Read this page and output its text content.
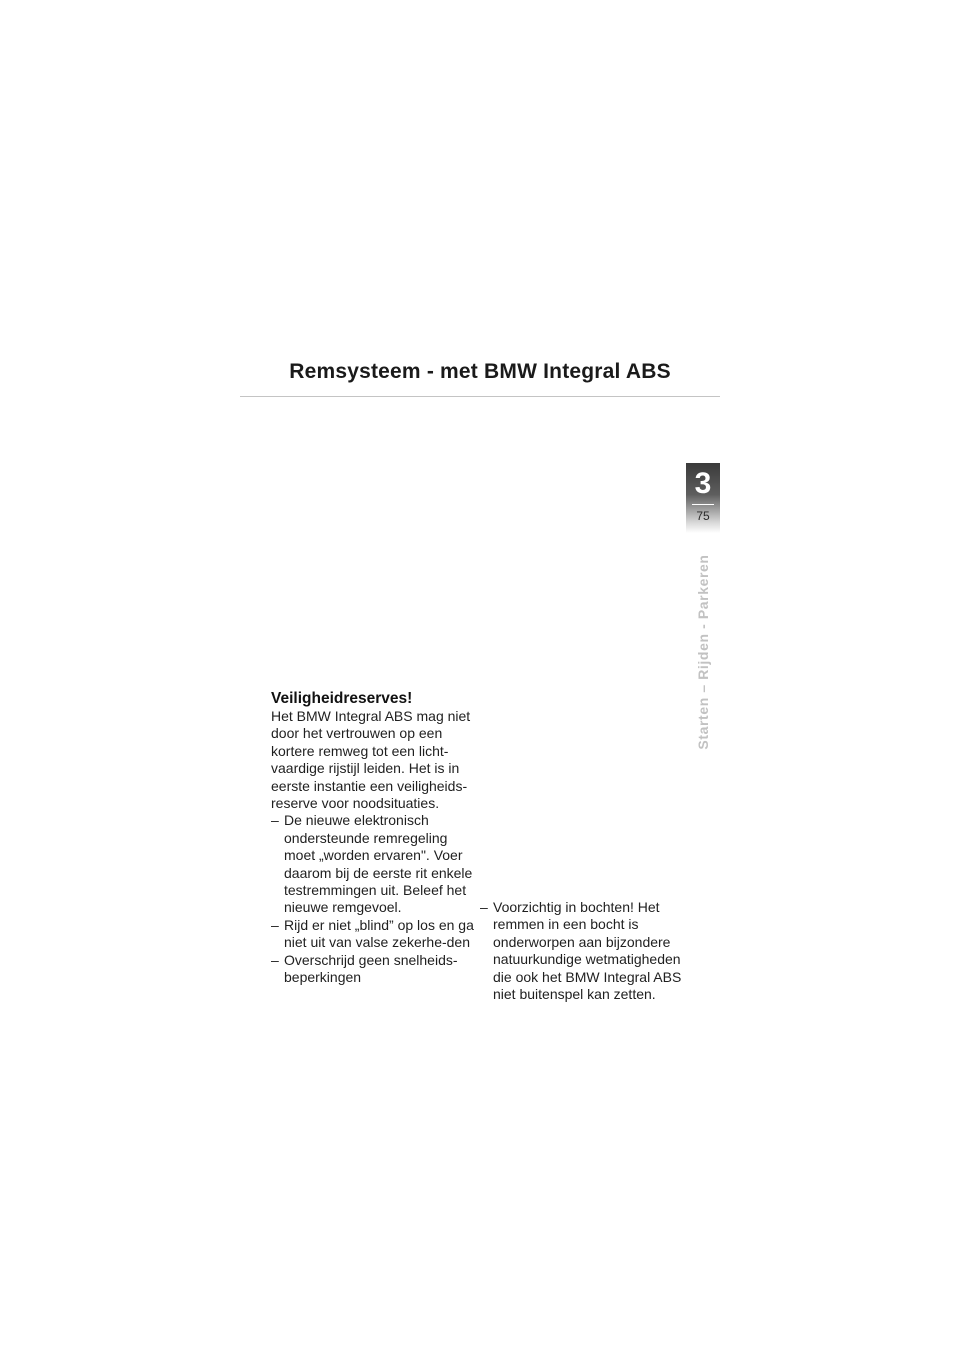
Remsysteem - met BMW Integral ABS
3
75
Starten – Rijden - Parkeren
Veiligheidreserves!

Het BMW Integral ABS mag niet door het vertrouwen op een kortere remweg tot een licht-vaardige rijstijl leiden. Het is in eerste instantie een veiligheids-reserve voor noodsituaties.

– De nieuwe elektronisch ondersteunde remregeling moet „worden ervaren". Voer daarom bij de eerste rit enkele testremmingen uit. Beleef het nieuwe remgevoel.
– Rijd er niet „blind” op los en ga niet uit van valse zekerhe-den
– Overschrijd geen snelheids-beperkingen
– Voorzichtig in bochten! Het remmen in een bocht is onderworpen aan bijzondere natuurkundige wetmatigheden die ook het BMW Integral ABS niet buitenspel kan zetten.
